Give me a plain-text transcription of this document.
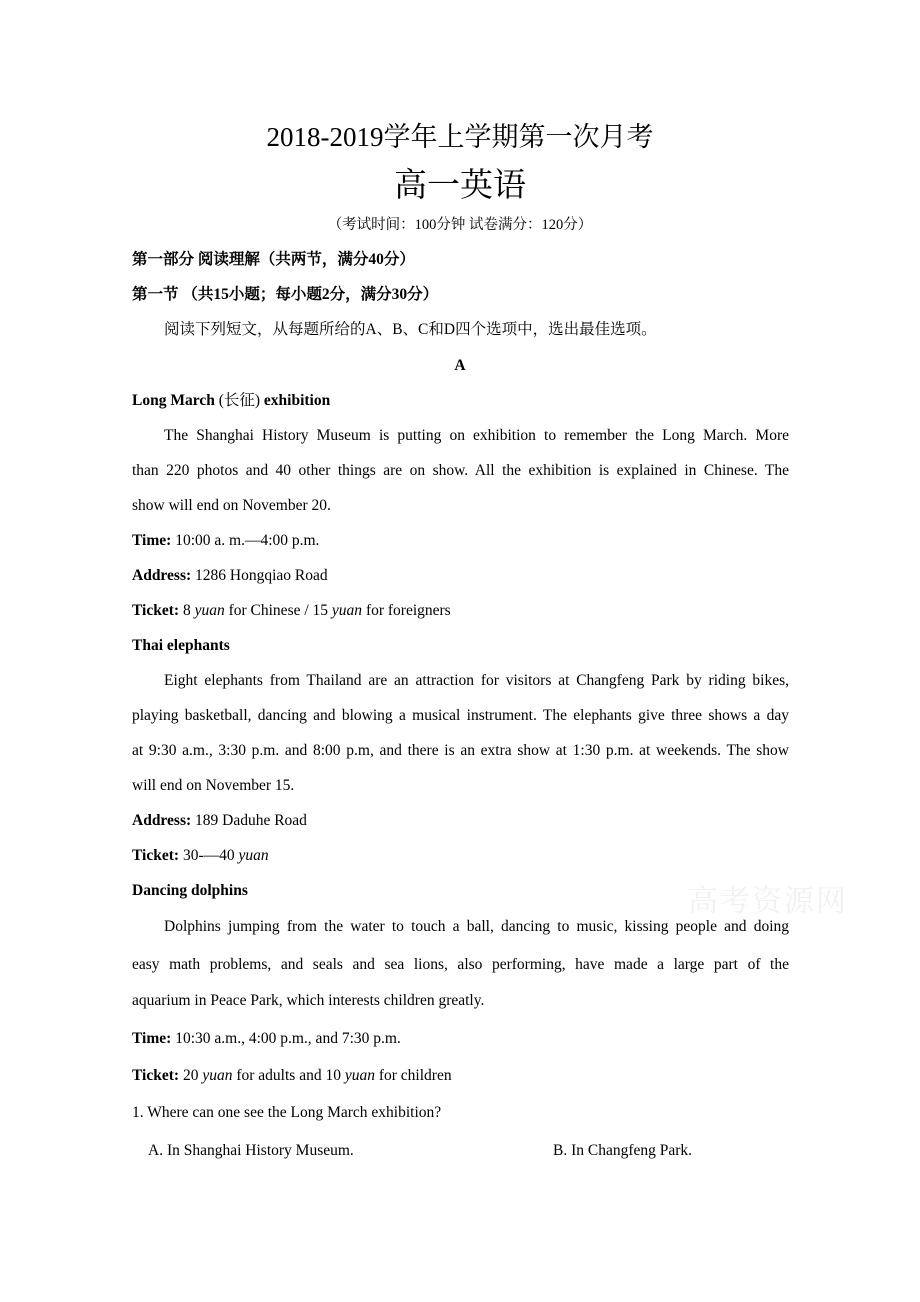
2018-2019学年上学期第一次月考
高一英语
（考试时间：100分钟 试卷满分：120分）
第一部分 阅读理解（共两节，满分40分）
第一节 （共15小题；每小题2分，满分30分）
阅读下列短文，从每题所给的A、B、C和D四个选项中，选出最佳选项。
A
Long March (长征) exhibition
The Shanghai History Museum is putting on exhibition to remember the Long March. More
than 220 photos and 40 other things are on show. All the exhibition is explained in Chinese. The
show will end on November 20.
Time: 10:00 a. m.—4:00 p.m.
Address: 1286 Hongqiao Road
Ticket: 8 yuan for Chinese / 15 yuan for foreigners
Thai elephants
Eight elephants from Thailand are an attraction for visitors at Changfeng Park by riding bikes,
playing basketball, dancing and blowing a musical instrument. The elephants give three shows a day
at 9:30 a.m., 3:30 p.m. and 8:00 p.m, and there is an extra show at 1:30 p.m. at weekends. The show
will end on November 15.
Address: 189 Daduhe Road
Ticket: 30-—40 yuan
Dancing dolphins
Dolphins jumping from the water to touch a ball, dancing to music, kissing people and doing
easy math problems, and seals and sea lions, also performing, have made a large part of the
aquarium in Peace Park, which interests children greatly.
Time: 10:30 a.m., 4:00 p.m., and 7:30 p.m.
Ticket: 20 yuan for adults and 10 yuan for children
1. Where can one see the Long March exhibition?
A. In Shanghai History Museum.	B. In Changfeng Park.
高考资源网
